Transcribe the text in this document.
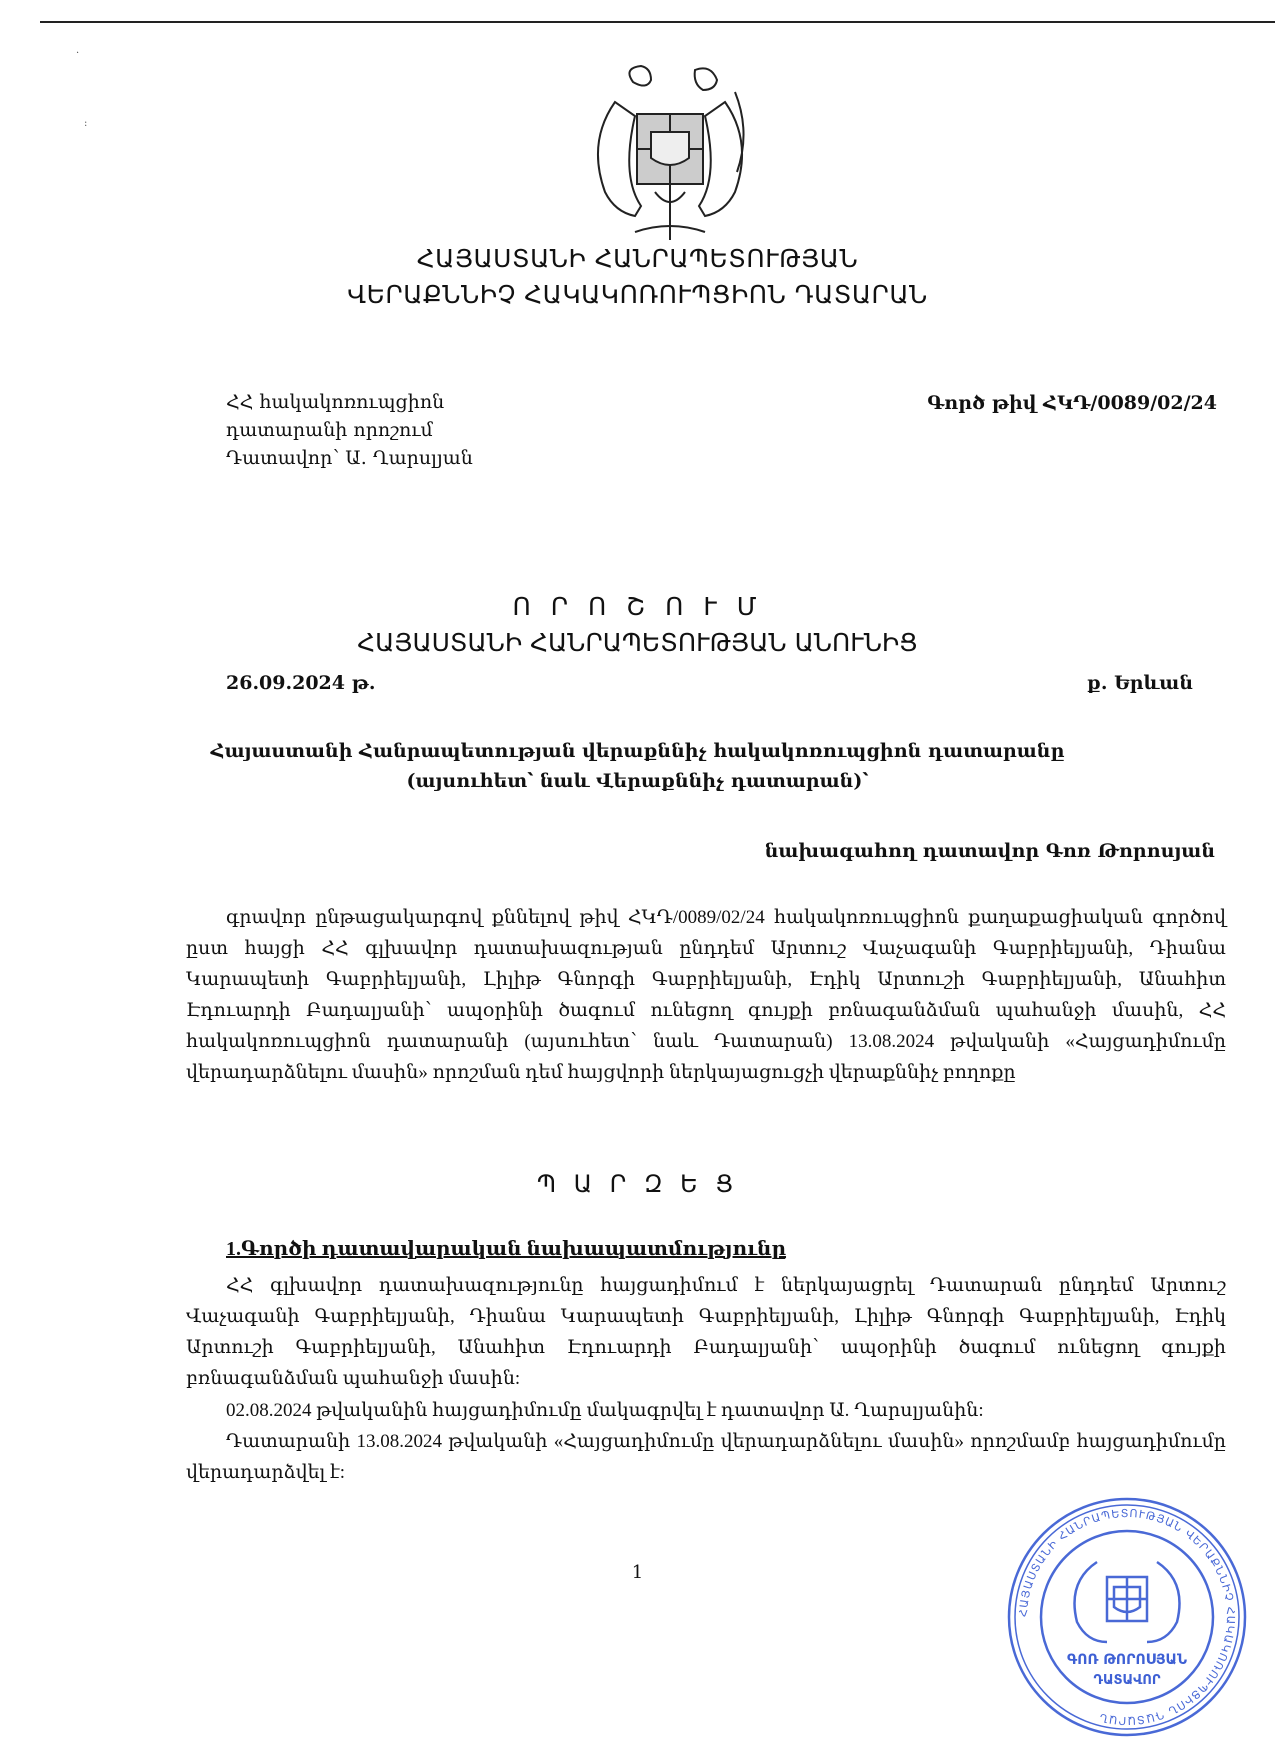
·
:
ՀԱՅԱՍՏԱՆԻ ՀԱՆՐԱՊԵՏՈՒԹՅԱՆ
ՎԵՐԱՔՆՆԻՉ ՀԱԿԱԿՈՌՈՒՊՑԻՈՆ ԴԱՏԱՐԱՆ
ՀՀ հակակոռուպցիոն
դատարանի որոշում
Դատավոր՝ Ա. Ղարսլյան
Գործ թիվ ՀԿԴ/0089/02/24
Ո Ր Ո Շ Ո Ւ Մ
ՀԱՅԱՍՏԱՆԻ ՀԱՆՐԱՊԵՏՈՒԹՅԱՆ ԱՆՈՒՆԻՑ
26.09.2024 թ.	ք. Երևան
Հայաստանի Հանրապետության վերաքննիչ հակակոռուպցիոն դատարանը
(այսուհետ՝ նաև Վերաքննիչ դատարան)՝
նախագահող դատավոր Գոռ Թորոսյան
գրավոր ընթացակարգով քննելով թիվ ՀԿԴ/0089/02/24 հակակոռուպցիոն քաղաքացիական գործով ըստ հայցի ՀՀ գլխավոր դատախազության ընդդեմ Արտուշ Վաչագանի Գաբրիելյանի, Դիանա Կարապետի Գաբրիելյանի, Լիլիթ Գնորգի Գաբրիելյանի, Էդիկ Արտուշի Գաբրիելյանի, Անահիտ Էդուարդի Բադալյանի՝ ապօրինի ծագում ունեցող գույքի բռնագանձման պահանջի մասին, ՀՀ հակակոռուպցիոն դատարանի (այսուհետ՝ նաև Դատարան) 13.08.2024 թվականի «Հայցադիմումը վերադարձնելու մասին» որոշման դեմ հայցվորի ներկայացուցչի վերաքննիչ բողոքը
Պ Ա Ր Զ Ե Ց
1.Գործի դատավարական նախապատմությունը
ՀՀ գլխավոր դատախազությունը հայցադիմում է ներկայացրել Դատարան ընդդեմ Արտուշ Վաչագանի Գաբրիելյանի, Դիանա Կարապետի Գաբրիելյանի, Լիլիթ Գնորգի Գաբրիելյանի, Էդիկ Արտուշի Գաբրիելյանի, Անահիտ Էդուարդի Բադալյանի՝ ապօրինի ծագում ունեցող գույքի բռնագանձման պահանջի մասին:
02.08.2024 թվականին հայցադիմումը մակագրվել է դատավոր Ա. Ղարսլյանին:
Դատարանի 13.08.2024 թվականի «Հայցադիմումը վերադարձնելու մասին» որոշմամբ հայցադիմումը վերադարձվել է:
1
ՀԱՅԱՍՏԱՆԻ ՀԱՆՐԱՊԵՏՈՒԹՅԱՆ ՎԵՐԱՔՆՆԻՉ ՀԱԿԱԿՈՌՈՒՊՑԻՈՆ ԴԱՏԱՐԱՆ
ԳՈՌ ԹՈՐՈՍՅԱՆ
ԴԱՏԱՎՈՐ
